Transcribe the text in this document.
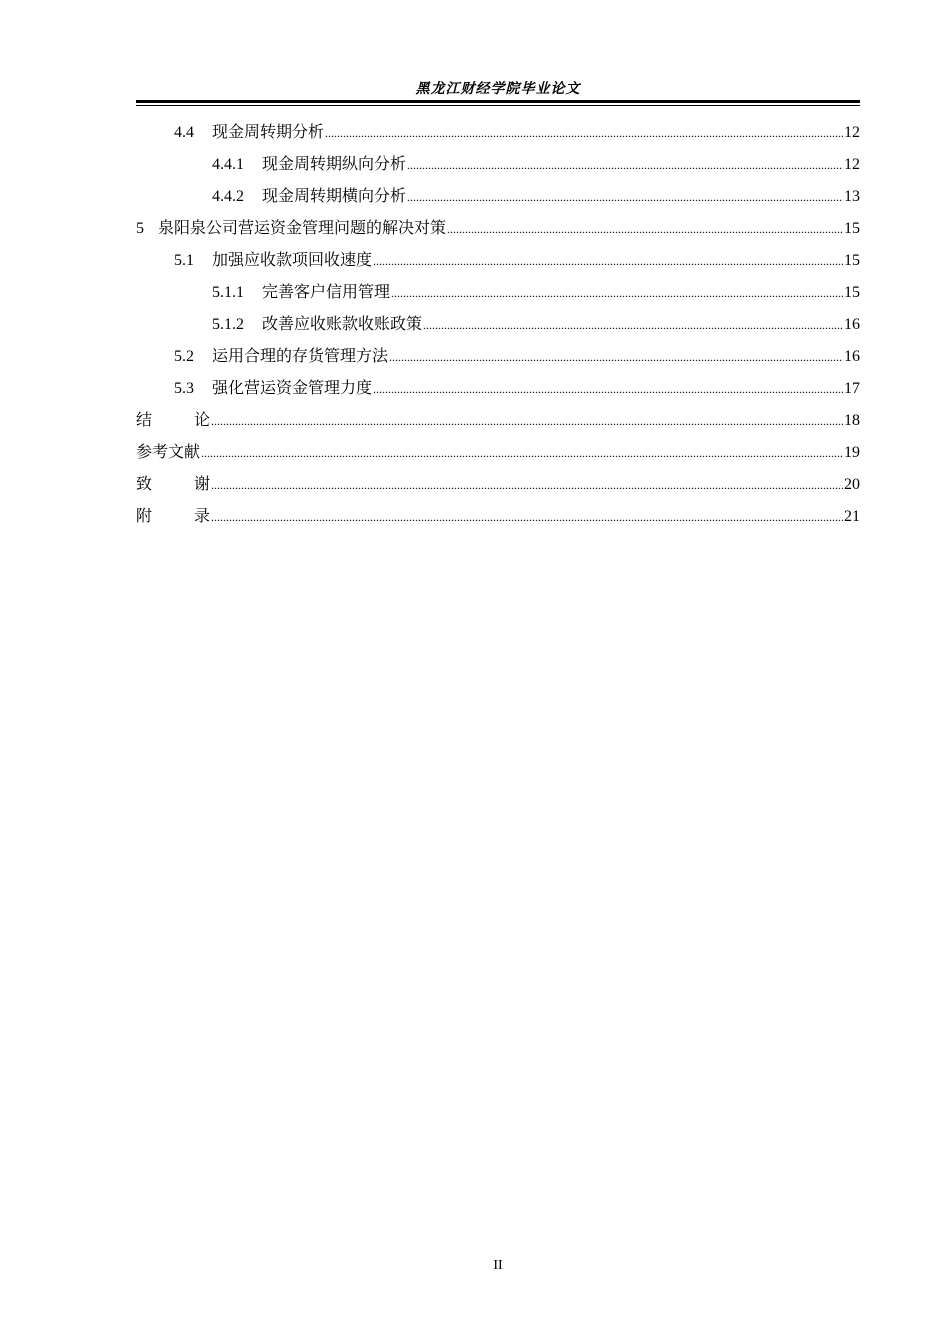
黑龙江财经学院毕业论文
4.4 现金周转期分析 .....	12
4.4.1 现金周转期纵向分析 .....	12
4.4.2 现金周转期横向分析 .....	13
5 泉阳泉公司营运资金管理问题的解决对策 .....	15
5.1 加强应收款项回收速度 .....	15
5.1.1 完善客户信用管理 .....	15
5.1.2 改善应收账款收账政策 .....	16
5.2 运用合理的存货管理方法 .....	16
5.3 强化营运资金管理力度 .....	17
结	论 .....	18
参考文献 .....	19
致	谢 .....	20
附	录 .....	21
II
